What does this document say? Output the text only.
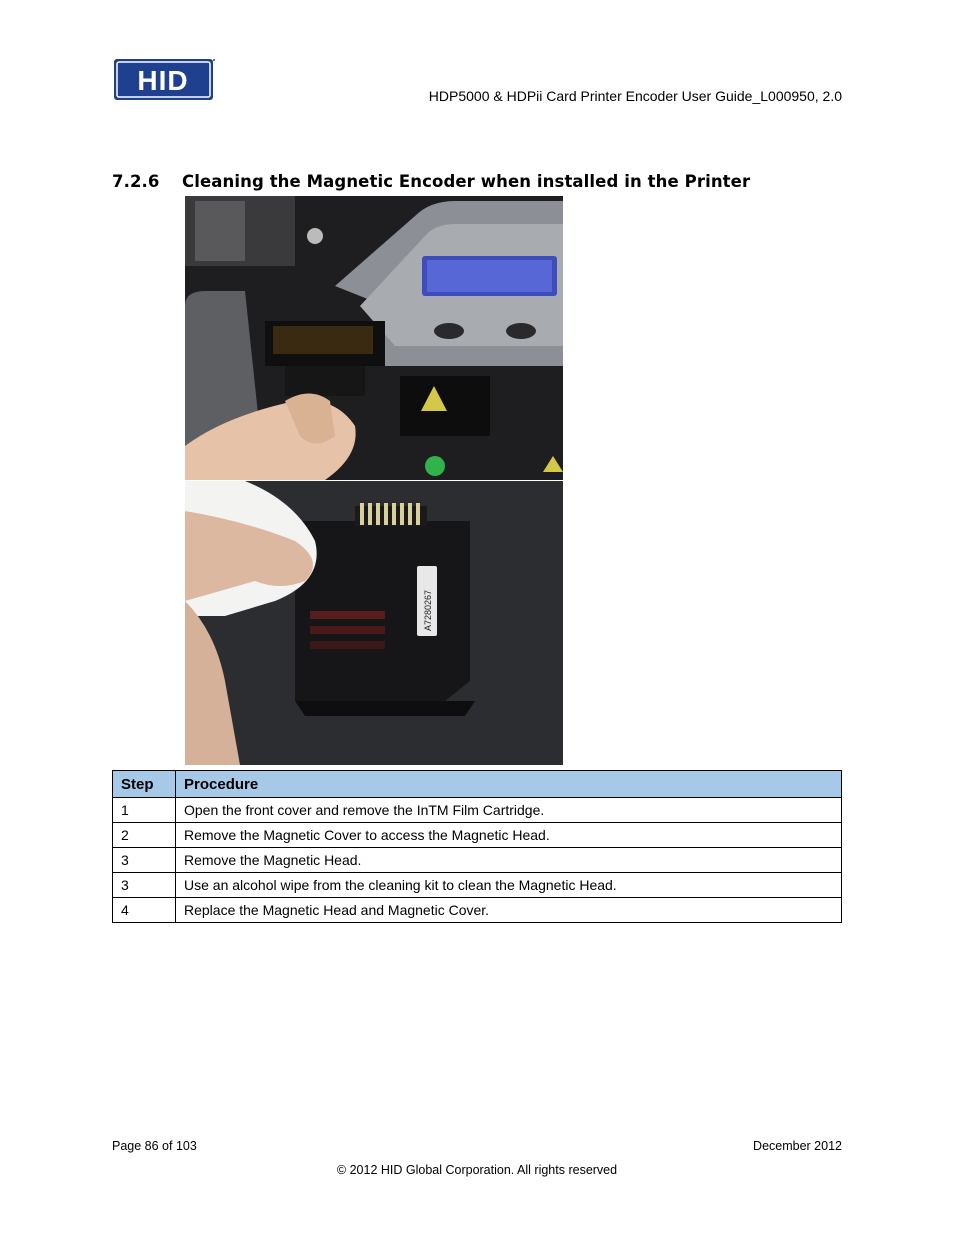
HID	HDP5000 & HDPii Card Printer Encoder User Guide_L000950, 2.0
7.2.6 Cleaning the Magnetic Encoder when installed in the Printer
A7280267
Step	Procedure
1	Open the front cover and remove the InTM Film Cartridge.
2	Remove the Magnetic Cover to access the Magnetic Head.
3	Remove the Magnetic Head.
3	Use an alcohol wipe from the cleaning kit to clean the Magnetic Head.
4	Replace the Magnetic Head and Magnetic Cover.
Page 86 of 103	December 2012
© 2012 HID Global Corporation. All rights reserved
